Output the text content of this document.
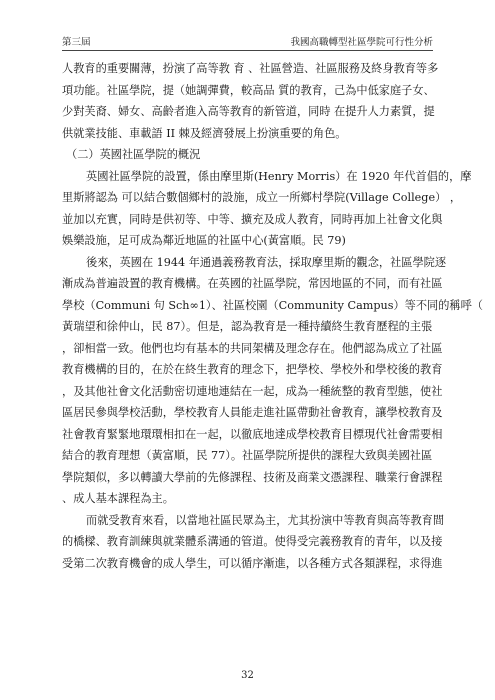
第三屆	我國高職轉型社區學院可行性分析
人教育的重要關薄，扮演了高等教 育 、社區營造、社區服務及終身教育等多
項功能。社區學院，提（她調彈費，較高品 質的教育，己為中低家庭子女、
少對芙裔、婦女、高齡者進入高等教育的新管道，同時 在提升人力素質，提
供就業技能、車載語 II 棘及經濟發展上扮演重要的角色。
（二）英國社區學院的概況
英國社區學院的設置，係由摩里斯(Henry Morris）在 1920 年代首倡的，摩
里斯將認為 可以結合數個鄉村的設施，成立一所鄉村學院(Village College） ，
並加以充實，同時是供初等、中等、擴充及成人教育，同時再加上社會文化與
娛樂設施，足可成為鄰近地區的社區中心(黃富順。民 79)
後來，英國在 1944 年通過義務教育法，採取摩里斯的觀念，社區學院逐
漸成為普遍設置的教育機構。在英國的社區學院，常因地區的不同，而有社區
學校（Communi 句 Sch∞1）、社區校園（Community Campus）等不同的稱呼（
黃瑞望和徐仲山，民 87）。但是，認為教育是一種持續終生教育歷程的主張
，卻相當一致。他們也均有基本的共同架構及理念存在。他們認為成立了社區
教育機構的目的，在於在終生教育的理念下，把學校、學校外和學校後的教育
，及其他社會文化活動密切連地連結在一起，成為一種統整的教育型態，使社
區居民參與學校活動，學校教育人員能走進社區帶動社會教育，讓學校教育及
社會教育緊緊地環環相扣在一起，以徹底地達成學校教育目標現代社會需要相
結合的教育理想（黃富順，民 77）。社區學院所提供的課程大致與美國社區
學院類似，多以轉讀大學前的先修課程、技術及商業文憑課程、職業行會課程
、成人基本課程為主。
而就受教育來看，以當地社區民眾為主，尤其扮演中等教育與高等教育間
的橋樑、教育訓練與就業體系溝通的管道。使得受完義務教育的青年，以及接
受第二次教育機會的成人學生，可以循序漸進，以各種方式各類課程，求得進
32
